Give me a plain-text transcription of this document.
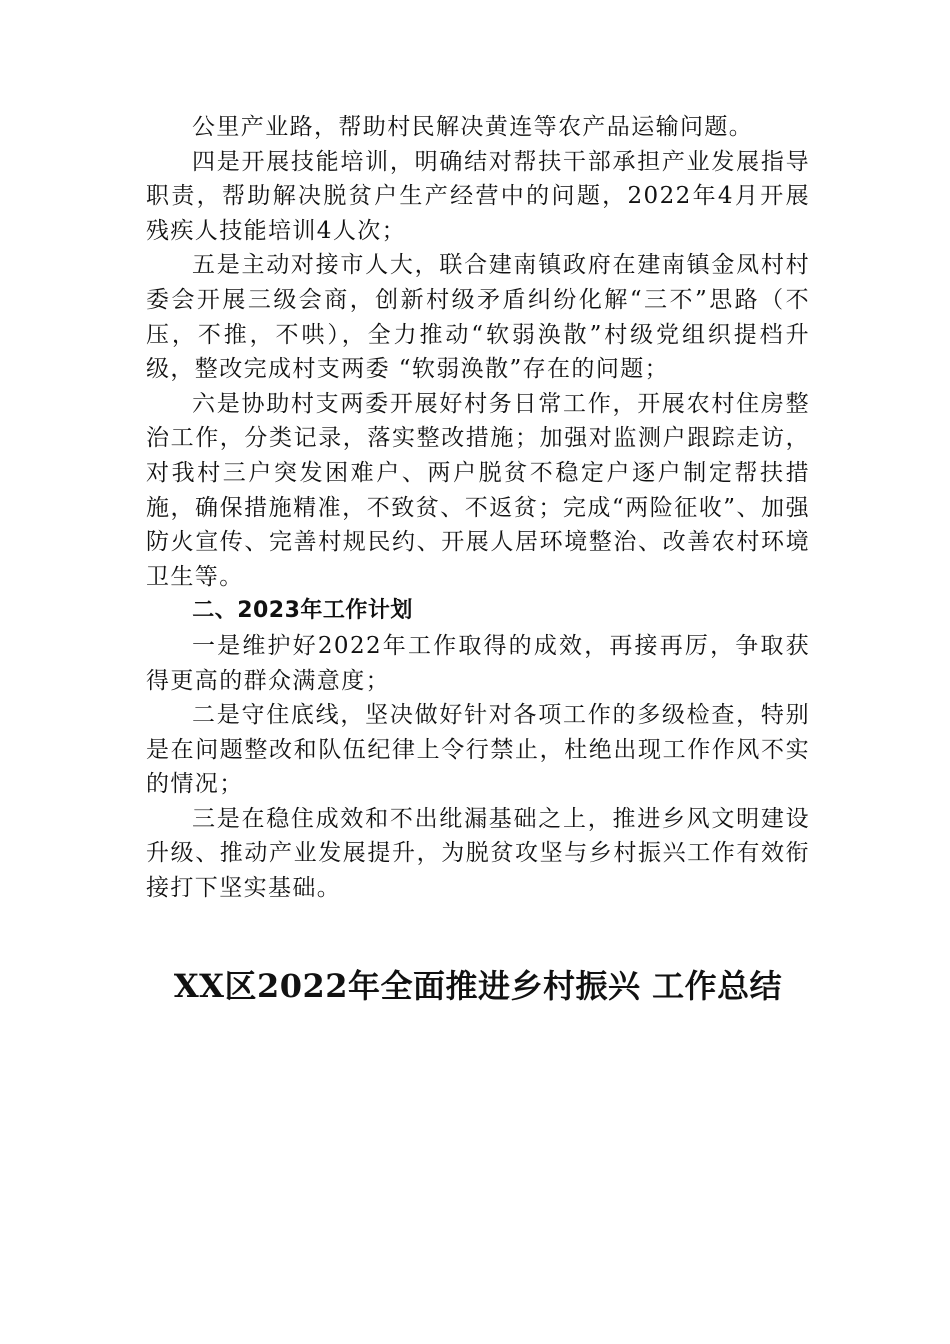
公里产业路，帮助村民解决黄连等农产品运输问题。

四是开展技能培训，明确结对帮扶干部承担产业发展指导职责，帮助解决脱贫户生产经营中的问题，2022年4月开展残疾人技能培训4人次；

五是主动对接市人大，联合建南镇政府在建南镇金凤村村委会开展三级会商，创新村级矛盾纠纷化解“三不”思路（不压，不推，不哄），全力推动“软弱涣散”村级党组织提档升级，整改完成村支两委 “软弱涣散”存在的问题；

六是协助村支两委开展好村务日常工作，开展农村住房整治工作，分类记录，落实整改措施；加强对监测户跟踪走访，对我村三户突发困难户、两户脱贫不稳定户逐户制定帮扶措施，确保措施精准，不致贫、不返贫；完成“两险征收”、加强防火宣传、完善村规民约、开展人居环境整治、改善农村环境卫生等。

二、2023年工作计划

一是维护好2022年工作取得的成效，再接再厉，争取获得更高的群众满意度；

二是守住底线，坚决做好针对各项工作的多级检查，特别是在问题整改和队伍纪律上令行禁止，杜绝出现工作作风不实的情况；

三是在稳住成效和不出纰漏基础之上，推进乡风文明建设升级、推动产业发展提升，为脱贫攻坚与乡村振兴工作有效衔接打下坚实基础。

XX区2022年全面推进乡村振兴 工作总结
